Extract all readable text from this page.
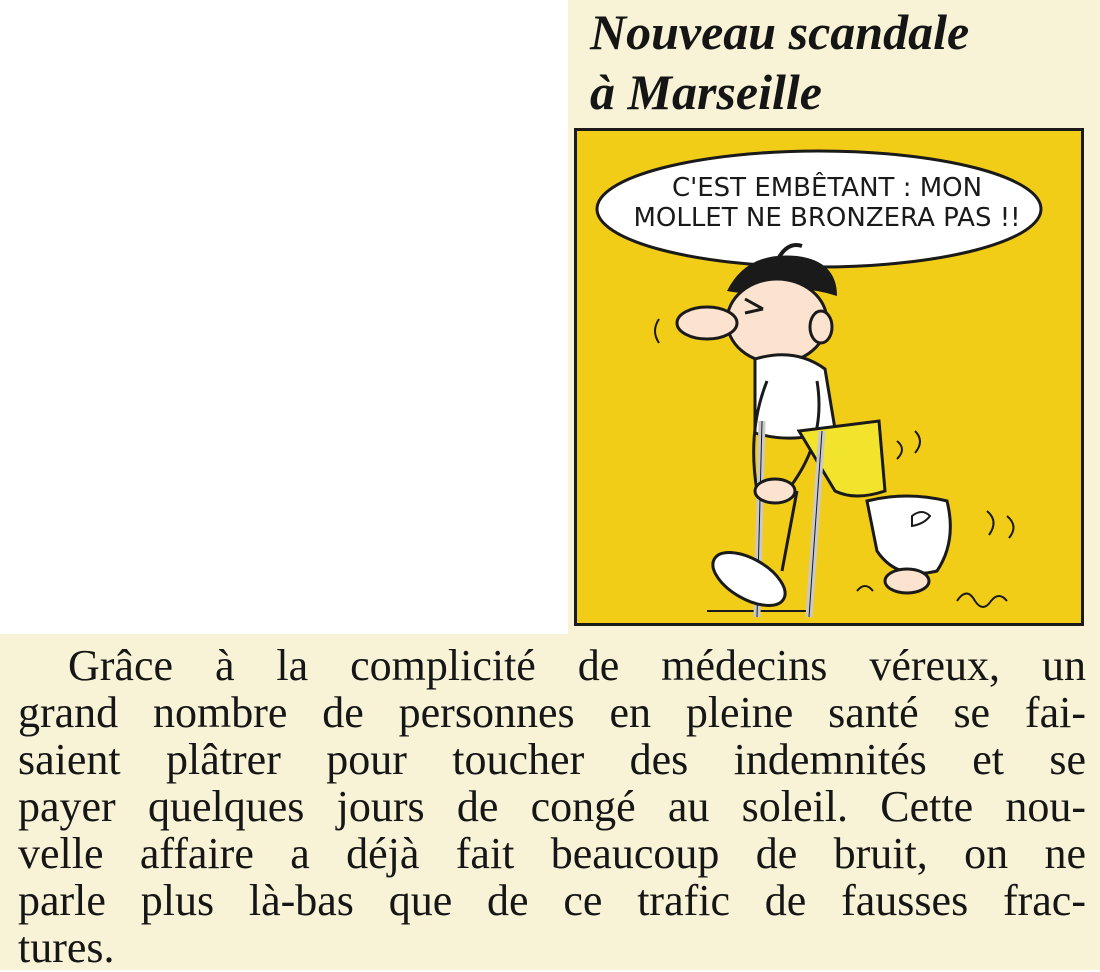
Nouveau scandale
à Marseille
C'EST EMBÊTANT : MON
MOLLET NE BRONZERA PAS !!
Grâce à la complicité de médecins véreux, un
grand nombre de personnes en pleine santé se fai-
saient plâtrer pour toucher des indemnités et se
payer quelques jours de congé au soleil. Cette nou-
velle affaire a déjà fait beaucoup de bruit, on ne
parle plus là-bas que de ce trafic de fausses frac-
tures.
